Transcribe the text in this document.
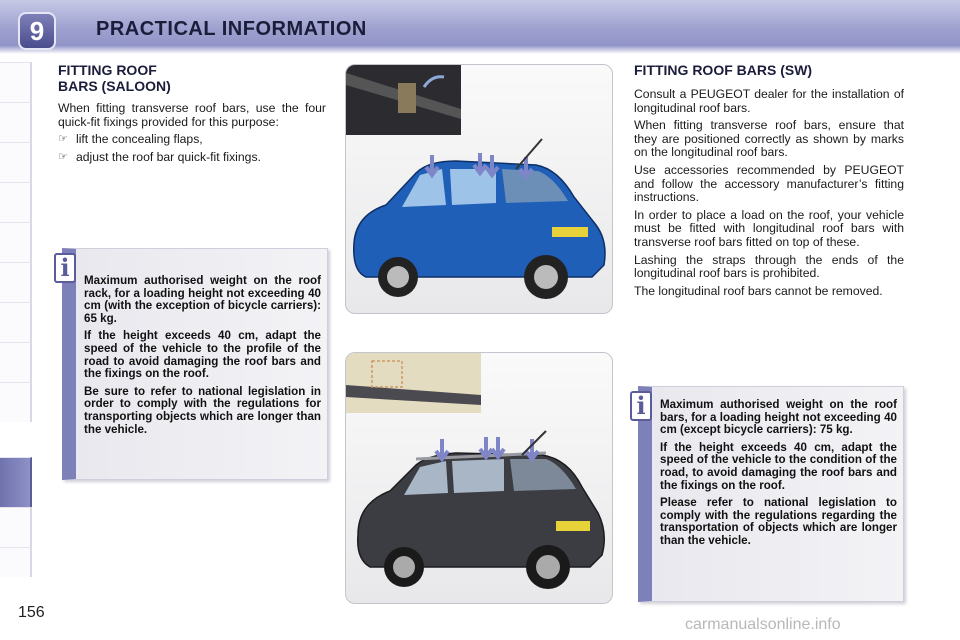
9	PRACTICAL INFORMATION
FITTING ROOF
BARS (SALOON)
When fitting transverse roof bars, use the four quick-fit fixings provided for this purpose:
☞ lift the concealing flaps,
☞ adjust the roof bar quick-fit fixings.
i	Maximum authorised weight on the roof rack, for a loading height not exceeding 40 cm (with the exception of bicycle carriers): 65 kg.

If the height exceeds 40 cm, adapt the speed of the vehicle to the profile of the road to avoid damaging the roof bars and the fixings on the roof.

Be sure to refer to national legislation in order to comply with the regulations for transporting objects which are longer than the vehicle.

FITTING ROOF BARS (SW)
Consult a PEUGEOT dealer for the installation of longitudinal roof bars.
When fitting transverse roof bars, ensure that they are positioned correctly as shown by marks on the longitudinal roof bars.
Use accessories recommended by PEUGEOT and follow the accessory manufacturer’s fitting instructions.
In order to place a load on the roof, your vehicle must be fitted with longitudinal roof bars with transverse roof bars fitted on top of these.
Lashing the straps through the ends of the longitudinal roof bars is prohibited.
The longitudinal roof bars cannot be removed.
i	Maximum authorised weight on the roof bars, for a loading height not exceeding 40 cm (except bicycle carriers): 75 kg.

If the height exceeds 40 cm, adapt the speed of the vehicle to the condition of the road, to avoid damaging the roof bars and the fixings on the roof.

Please refer to national legislation to comply with the regulations regarding the transportation of objects which are longer than the vehicle.

156
carmanualsonline.info
